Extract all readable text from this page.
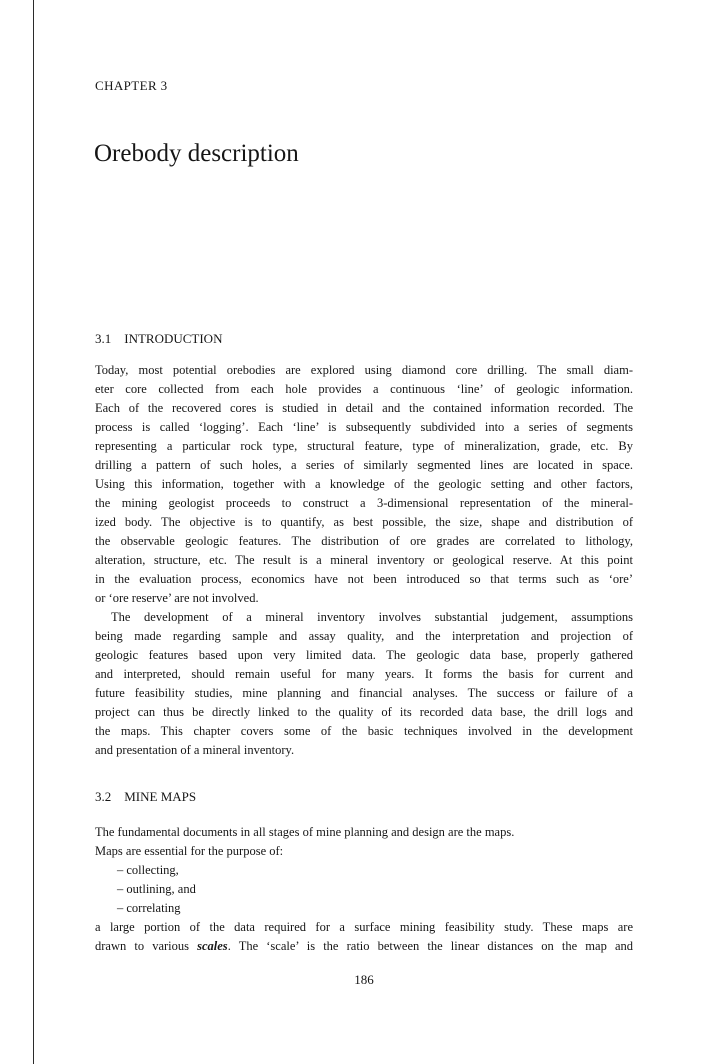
CHAPTER 3
Orebody description
3.1 INTRODUCTION
Today, most potential orebodies are explored using diamond core drilling. The small diam-
eter core collected from each hole provides a continuous ‘line’ of geologic information.
Each of the recovered cores is studied in detail and the contained information recorded. The
process is called ‘logging’. Each ‘line’ is subsequently subdivided into a series of segments
representing a particular rock type, structural feature, type of mineralization, grade, etc. By
drilling a pattern of such holes, a series of similarly segmented lines are located in space.
Using this information, together with a knowledge of the geologic setting and other factors,
the mining geologist proceeds to construct a 3-dimensional representation of the mineral-
ized body. The objective is to quantify, as best possible, the size, shape and distribution of
the observable geologic features. The distribution of ore grades are correlated to lithology,
alteration, structure, etc. The result is a mineral inventory or geological reserve. At this point
in the evaluation process, economics have not been introduced so that terms such as ‘ore’
or ‘ore reserve’ are not involved.
The development of a mineral inventory involves substantial judgement, assumptions
being made regarding sample and assay quality, and the interpretation and projection of
geologic features based upon very limited data. The geologic data base, properly gathered
and interpreted, should remain useful for many years. It forms the basis for current and
future feasibility studies, mine planning and financial analyses. The success or failure of a
project can thus be directly linked to the quality of its recorded data base, the drill logs and
the maps. This chapter covers some of the basic techniques involved in the development
and presentation of a mineral inventory.
3.2 MINE MAPS
The fundamental documents in all stages of mine planning and design are the maps.
Maps are essential for the purpose of:
– collecting,
– outlining, and
– correlating
a large portion of the data required for a surface mining feasibility study. These maps are
drawn to various scales. The ‘scale’ is the ratio between the linear distances on the map and
186
